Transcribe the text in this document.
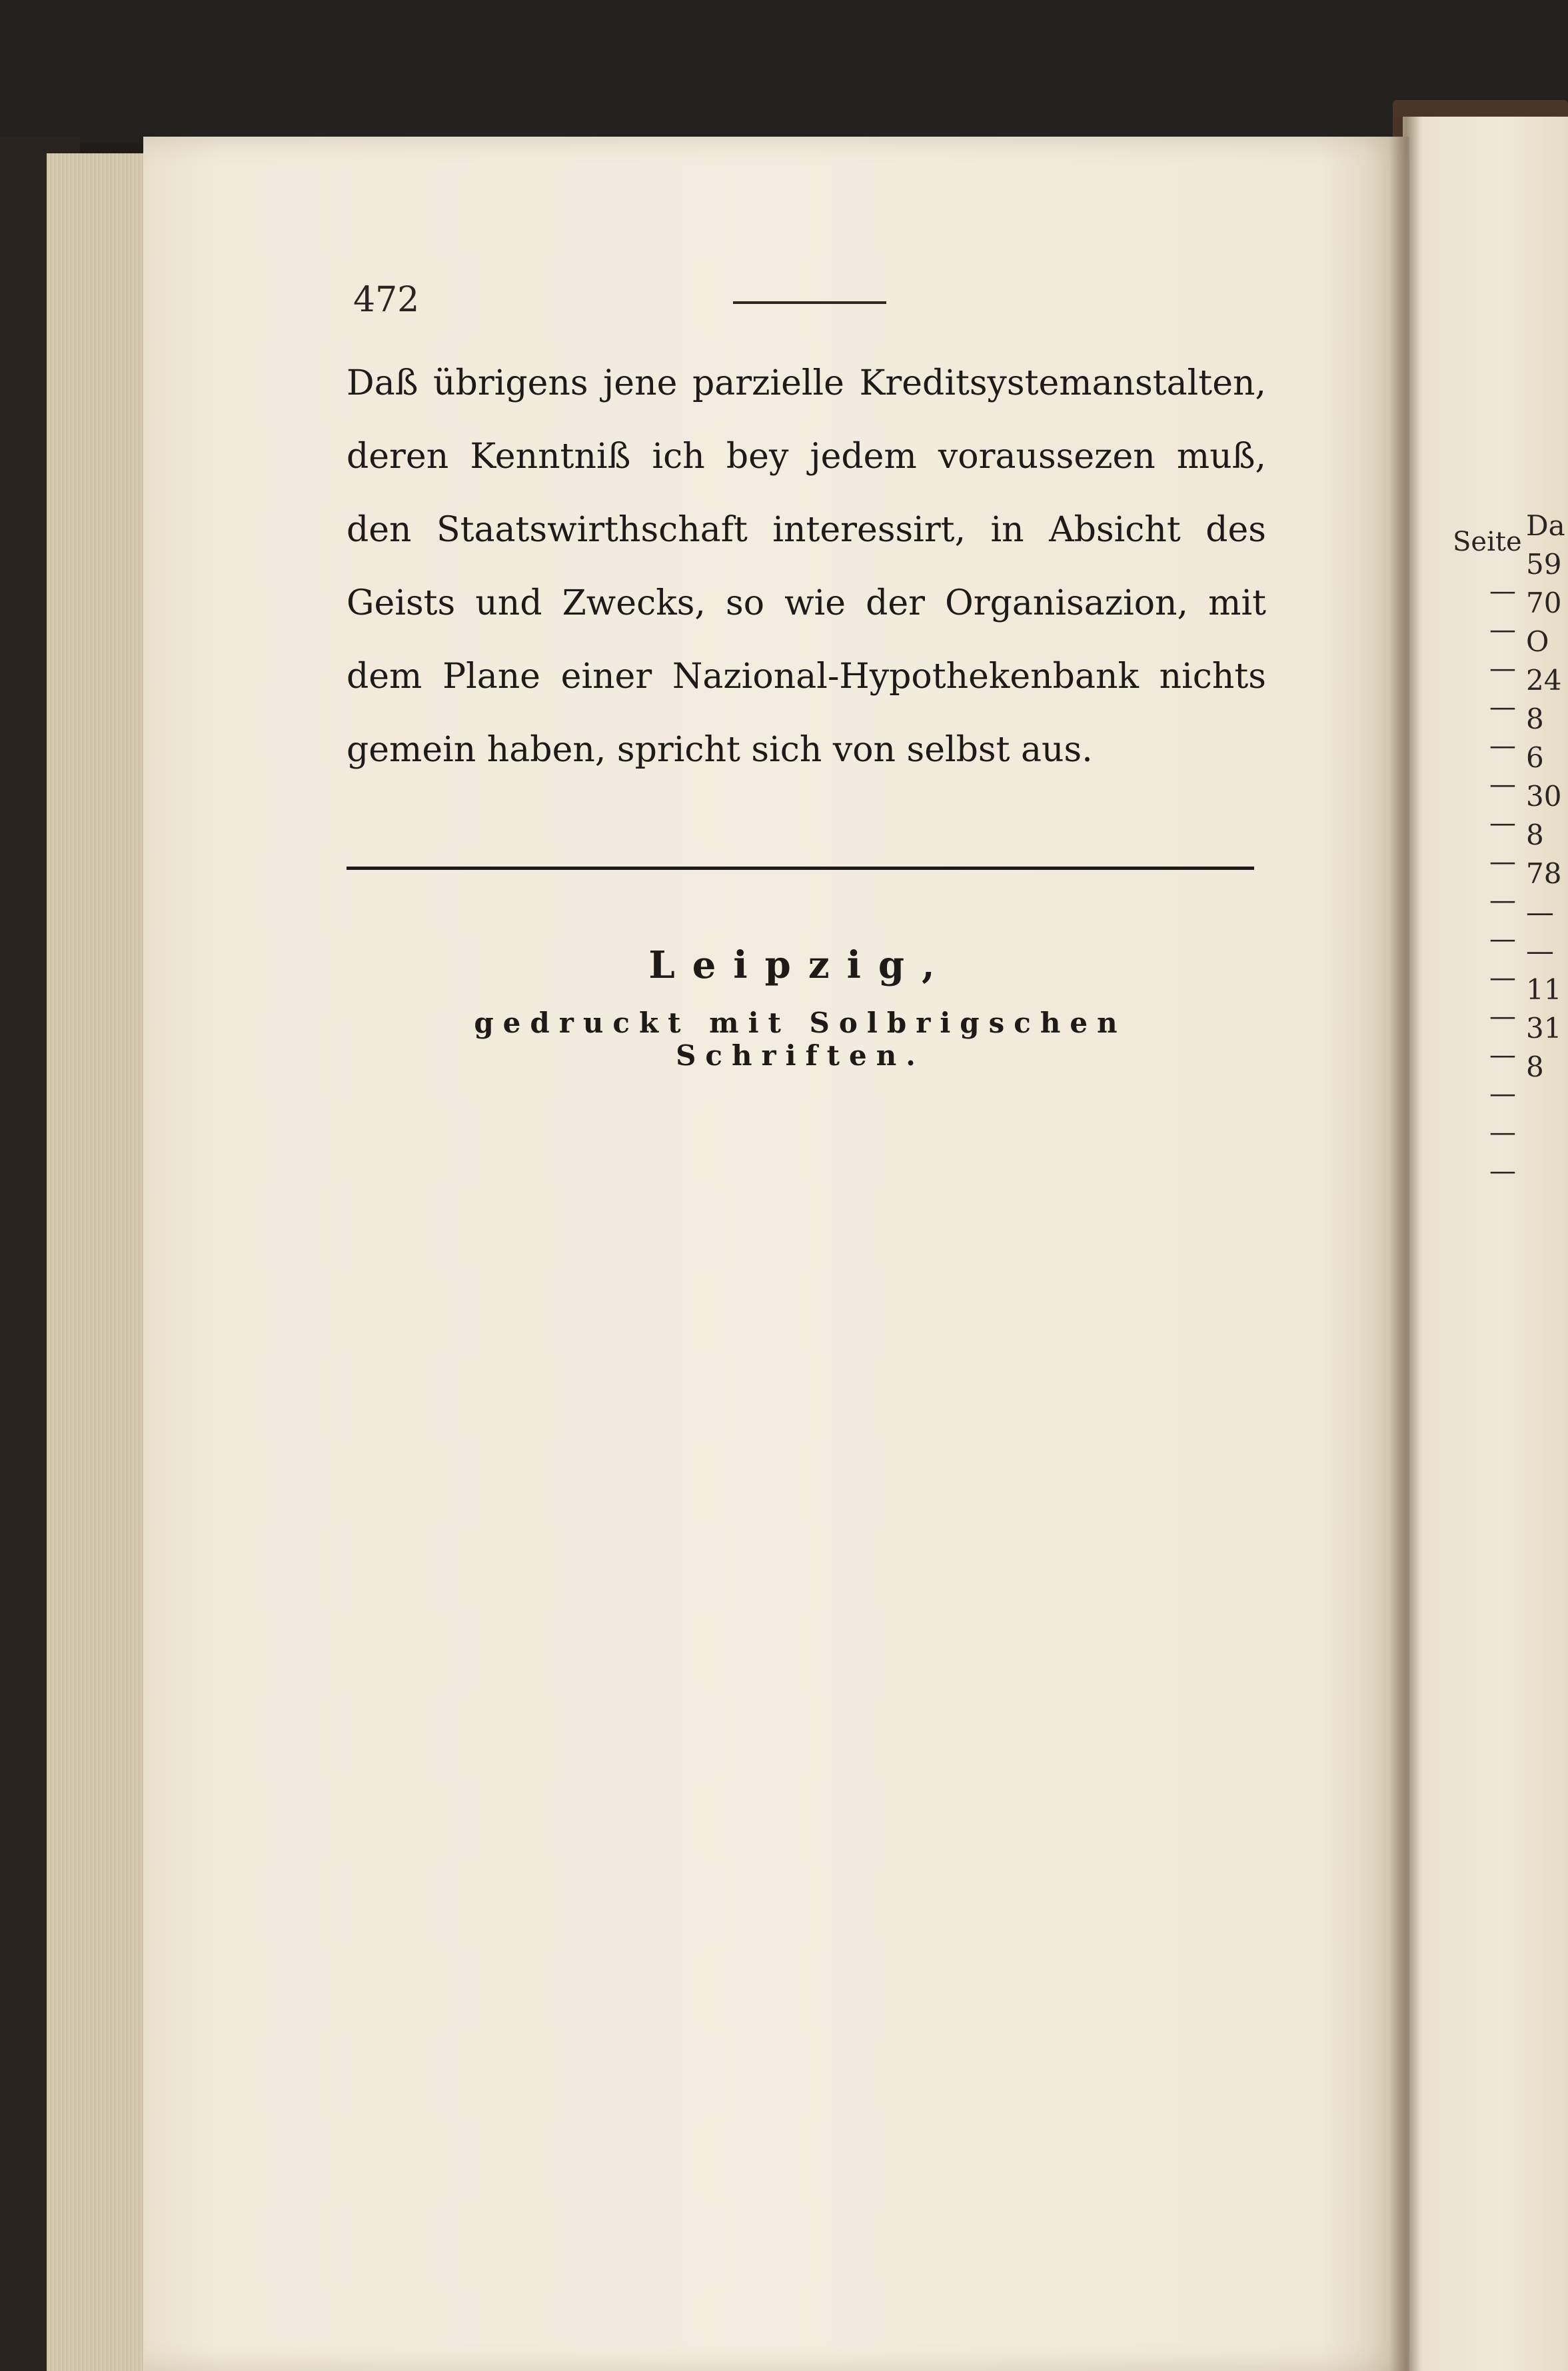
472

Daß übrigens jene parzielle Kreditsystemanstalten, deren Kenntniß ich bey jedem voraussezen muß, den Staatswirthschaft interessirt, in Absicht des Geists und Zwecks, so wie der Organisazion, mit dem Plane einer Nazional-Hypothekenbank nichts gemein haben, spricht sich von selbst aus.

Leipzig,
gedruckt mit Solbrigschen Schriften.
Seite Da
59
70
O
24
8
6
30
8
78
—
—
11
31
8
—
—
—
—
—
—
—
—
—
—
—
—
—
—
—
—
